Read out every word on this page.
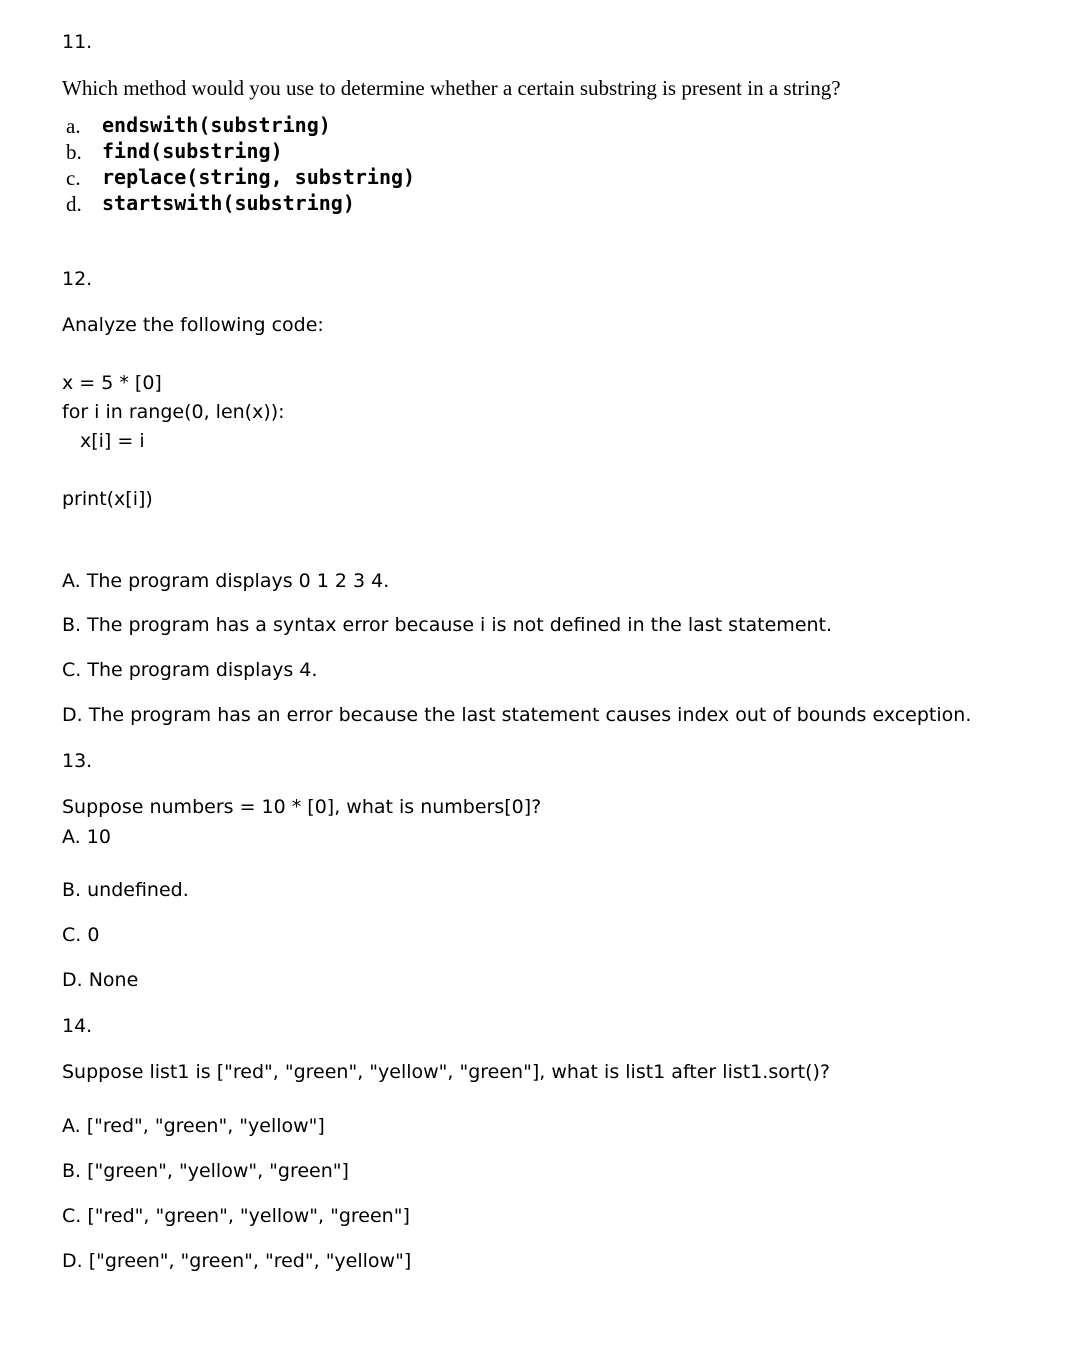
11.
Which method would you use to determine whether a certain substring is present in a string?
a. endswith(substring)
b. find(substring)
c. replace(string, substring)
d. startswith(substring)
12.
Analyze the following code:
x = 5 * [0]
for i in range(0, len(x)):
x[i] = i
print(x[i])
A. The program displays 0 1 2 3 4.
B. The program has a syntax error because i is not defined in the last statement.
C. The program displays 4.
D. The program has an error because the last statement causes index out of bounds exception.
13.
Suppose numbers = 10 * [0], what is numbers[0]?
A. 10
B. undefined.
C. 0
D. None
14.
Suppose list1 is ["red", "green", "yellow", "green"], what is list1 after list1.sort()?
A. ["red", "green", "yellow"]
B. ["green", "yellow", "green"]
C. ["red", "green", "yellow", "green"]
D. ["green", "green", "red", "yellow"]
